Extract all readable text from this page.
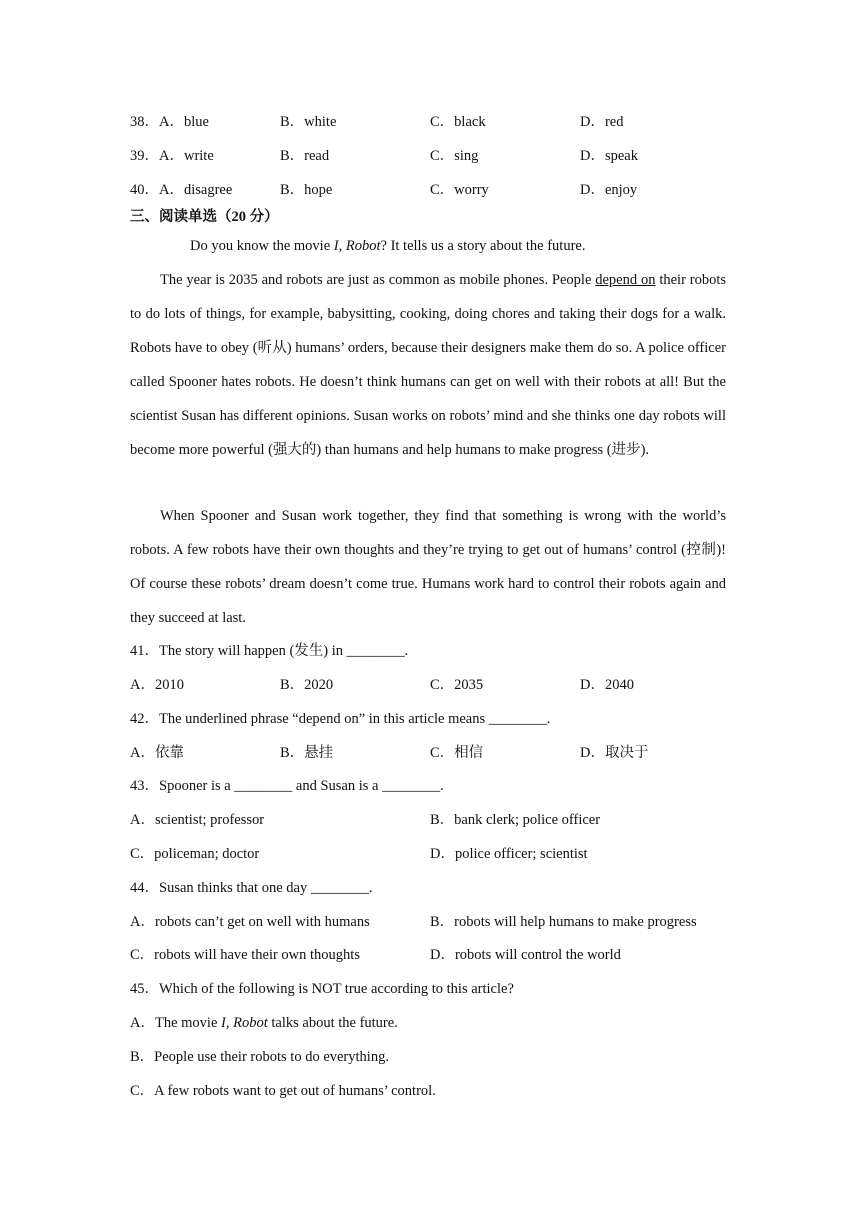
38．A．blue	B．white	C．black	D．red
39．A．write	B．read	C．sing	D．speak
40．A．disagree	B．hope	C．worry	D．enjoy
三、阅读单选（20 分）
Do you know the movie I, Robot? It tells us a story about the future.
The year is 2035 and robots are just as common as mobile phones. People depend on their robots to do lots of things, for example, babysitting, cooking, doing chores and taking their dogs for a walk. Robots have to obey (听从) humans’ orders, because their designers make them do so. A police officer called Spooner hates robots. He doesn’t think humans can get on well with their robots at all! But the scientist Susan has different opinions. Susan works on robots’ mind and she thinks one day robots will become more powerful (强大的) than humans and help humans to make progress (进步).
When Spooner and Susan work together, they find that something is wrong with the world’s robots. A few robots have their own thoughts and they’re trying to get out of humans’ control (控制)! Of course these robots’ dream doesn’t come true. Humans work hard to control their robots again and they succeed at last.
41．The story will happen (发生) in ________.
A．2010	B．2020	C．2035	D．2040
42．The underlined phrase “depend on” in this article means ________.
A．依靠	B．悬挂	C．相信	D．取决于
43．Spooner is a ________ and Susan is a ________.
A．scientist; professor	B．bank clerk; police officer
C．policeman; doctor	D．police officer; scientist
44．Susan thinks that one day ________.
A．robots can’t get on well with humans	B．robots will help humans to make progress
C．robots will have their own thoughts	D．robots will control the world
45．Which of the following is NOT true according to this article?
A．The movie I, Robot talks about the future.
B．People use their robots to do everything.
C．A few robots want to get out of humans’ control.
